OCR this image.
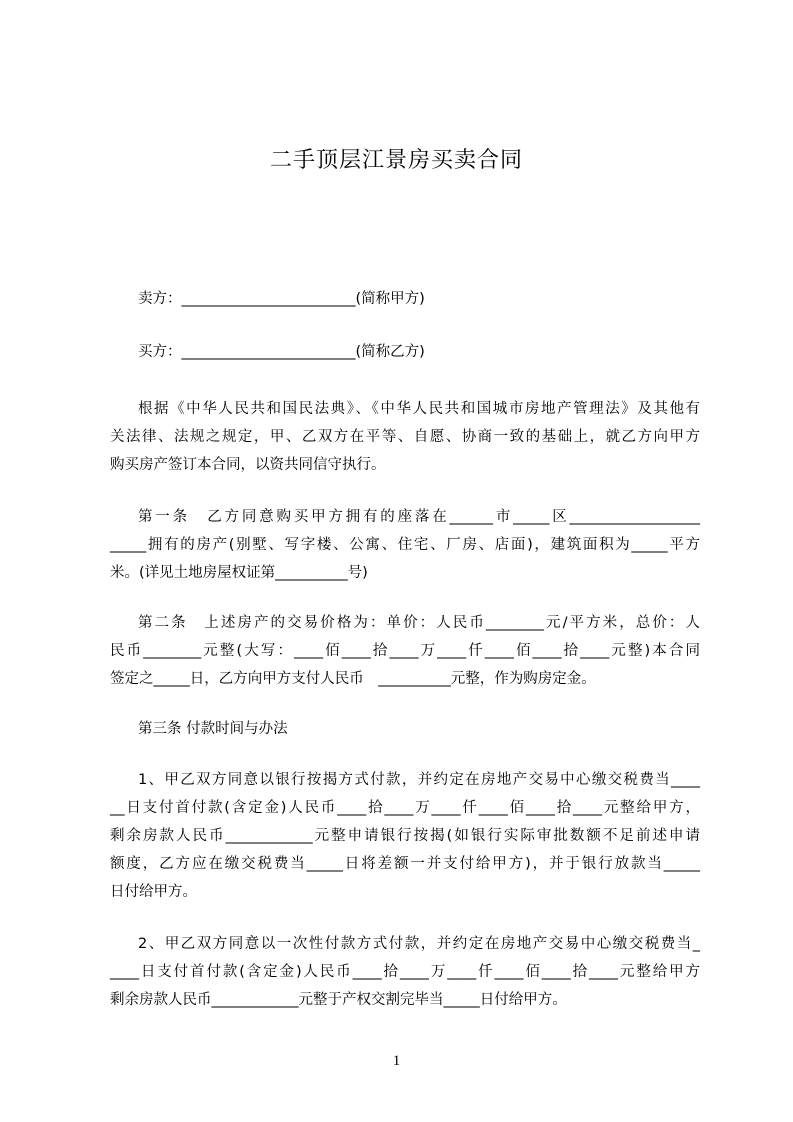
二手顶层江景房买卖合同
卖方：________________________(简称甲方)
买方：________________________(简称乙方)
根据《中华人民共和国民法典》、《中华人民共和国城市房地产管理法》及其他有
关法律、法规之规定，甲、乙双方在平等、自愿、协商一致的基础上，就乙方向甲方
购买房产签订本合同，以资共同信守执行。
第一条　乙方同意购买甲方拥有的座落在______市_____区__________________
_____拥有的房产(别墅、写字楼、公寓、住宅、厂房、店面)，建筑面积为_____平方
米。(详见土地房屋权证第__________号)
第二条　上述房产的交易价格为：单价：人民币________元/平方米，总价：人
民币________元整(大写：____佰____拾____万____仟____佰____拾____元整)本合同
签定之_____日，乙方向甲方支付人民币　__________元整，作为购房定金。
第三条 付款时间与办法
1、甲乙双方同意以银行按揭方式付款，并约定在房地产交易中心缴交税费当____
__日支付首付款(含定金)人民币____拾____万____仟____佰____拾____元整给甲方，
剩余房款人民币____________元整申请银行按揭(如银行实际审批数额不足前述申请
额度，乙方应在缴交税费当_____日将差额一并支付给甲方)，并于银行放款当_____
日付给甲方。
2、甲乙双方同意以一次性付款方式付款，并约定在房地产交易中心缴交税费当_
____日支付首付款(含定金)人民币____拾____万____仟____佰____拾____元整给甲方
剩余房款人民币____________元整于产权交割完毕当_____日付给甲方。
1
